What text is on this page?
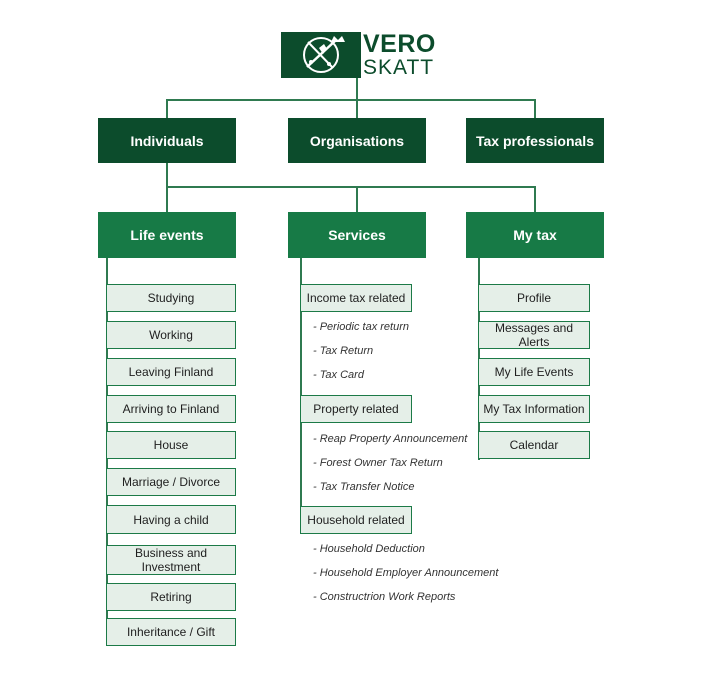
VERO
SKATT
Individuals	Organisations	Tax professionals
Life events	Services	My tax
Studying
Working
Leaving Finland
Arriving to Finland
House
Marriage / Divorce
Having a child
Business and Investment
Retiring
Inheritance / Gift
Income tax related
- Periodic tax return
- Tax Return
- Tax Card
Property related
- Reap Property Announcement
- Forest Owner Tax Return
- Tax Transfer Notice
Household related
- Household Deduction
- Household Employer Announcement
- Constructrion Work Reports
Profile
Messages and Alerts
My Life Events
My Tax Information
Calendar
